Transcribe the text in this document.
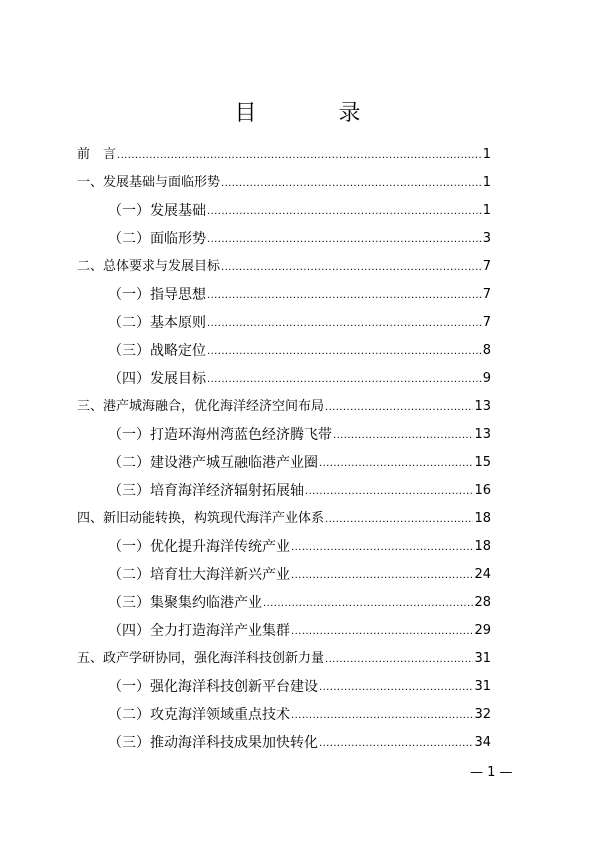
目　录
前　言 .....	1
一、发展基础与面临形势 .....	1
（一）发展基础 .....	1
（二）面临形势 .....	3
二、总体要求与发展目标 .....	7
（一）指导思想 .....	7
（二）基本原则 .....	7
（三）战略定位 .....	8
（四）发展目标 .....	9
三、港产城海融合，优化海洋经济空间布局 .....	13
（一）打造环海州湾蓝色经济腾飞带 .....	13
（二）建设港产城互融临港产业圈 .....	15
（三）培育海洋经济辐射拓展轴 .....	16
四、新旧动能转换，构筑现代海洋产业体系 .....	18
（一）优化提升海洋传统产业 .....	18
（二）培育壮大海洋新兴产业 .....	24
（三）集聚集约临港产业 .....	28
（四）全力打造海洋产业集群 .....	29
五、政产学研协同，强化海洋科技创新力量 .....	31
（一）强化海洋科技创新平台建设 .....	31
（二）攻克海洋领域重点技术 .....	32
（三）推动海洋科技成果加快转化 .....	34
— 1 —
